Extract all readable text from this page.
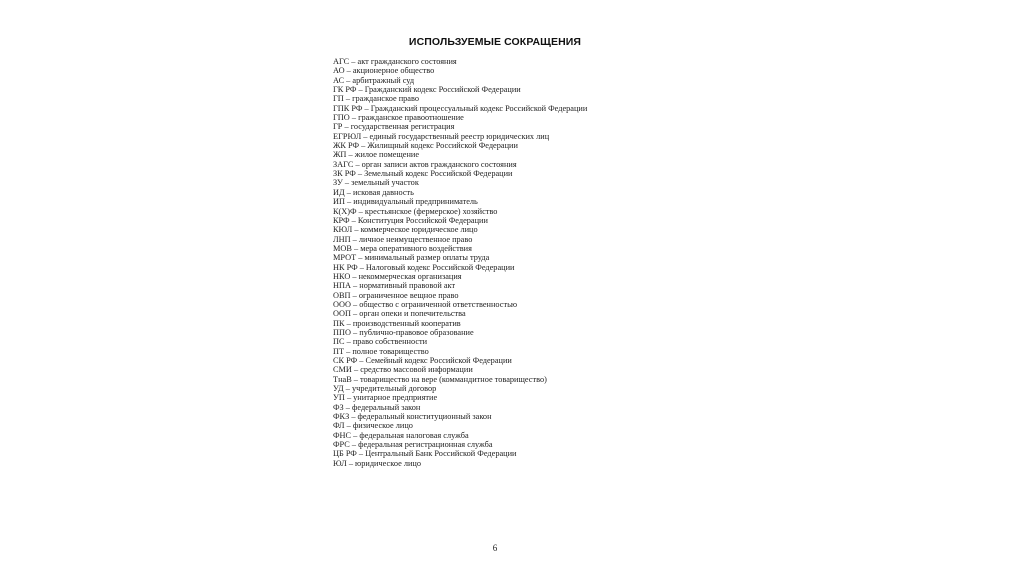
ИСПОЛЬЗУЕМЫЕ СОКРАЩЕНИЯ
АГС – акт гражданского состояния
АО – акционерное общество
АС – арбитражный суд
ГК РФ – Гражданский кодекс Российской Федерации
ГП – гражданское право
ГПК РФ – Гражданский процессуальный кодекс Российской Федерации
ГПО – гражданское правоотношение
ГР – государственная регистрация
ЕГРЮЛ – единый государственный реестр юридических лиц
ЖК РФ – Жилищный кодекс Российской Федерации
ЖП – жилое помещение
ЗАГС – орган записи актов гражданского состояния
ЗК РФ – Земельный кодекс Российской Федерации
ЗУ – земельный участок
ИД – исковая давность
ИП – индивидуальный предприниматель
К(Х)Ф – крестьянское (фермерское) хозяйство
КРФ – Конституция Российской Федерации
КЮЛ – коммерческое юридическое лицо
ЛНП – личное неимущественное право
МОВ – мера оперативного воздействия
МРОТ – минимальный размер оплаты труда
НК РФ – Налоговый кодекс Российской Федерации
НКО – некоммерческая организация
НПА – нормативный правовой акт
ОВП – ограниченное вещное право
ООО – общество с ограниченной ответственностью
ООП – орган опеки и попечительства
ПК – производственный кооператив
ППО – публично-правовое образование
ПС – право собственности
ПТ – полное товарищество
СК РФ – Семейный кодекс Российской Федерации
СМИ – средство массовой информации
ТнаВ – товарищество на вере (коммандитное товарищество)
УД – учредительный договор
УП – унитарное предприятие
ФЗ – федеральный закон
ФКЗ – федеральный конституционный закон
ФЛ – физическое лицо
ФНС – федеральная налоговая служба
ФРС – федеральная регистрационная служба
ЦБ РФ – Центральный Банк Российской Федерации
ЮЛ – юридическое лицо
6
